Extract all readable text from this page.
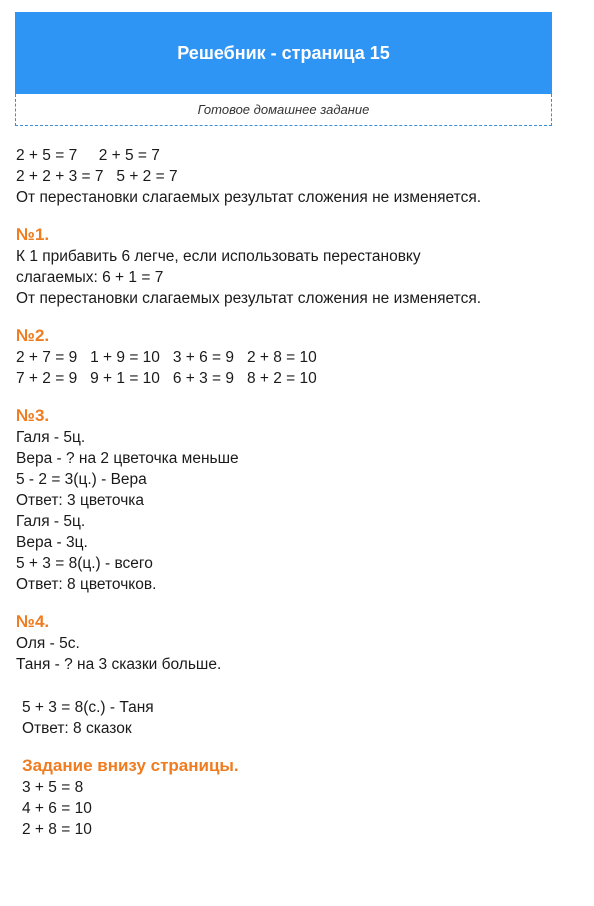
Решебник - страница 15
Готовое домашнее задание
2 + 5 = 7     2 + 5 = 7
2 + 2 + 3 = 7   5 + 2 = 7
От перестановки слагаемых результат сложения не изменяется.
№1.
К 1 прибавить 6 легче, если использовать перестановку
слагаемых: 6 + 1 = 7
От перестановки слагаемых результат сложения не изменяется.
№2.
2 + 7 = 9   1 + 9 = 10   3 + 6 = 9   2 + 8 = 10
7 + 2 = 9   9 + 1 = 10   6 + 3 = 9   8 + 2 = 10
№3.
Галя - 5ц.
Вера - ? на 2 цветочка меньше
5 - 2 = 3(ц.) - Вера
Ответ: 3 цветочка
Галя - 5ц.
Вера - 3ц.
5 + 3 = 8(ц.) - всего
Ответ: 8 цветочков.
№4.
Оля - 5с.
Таня - ? на 3 сказки больше.
5 + 3 = 8(с.) - Таня
Ответ: 8 сказок
Задание внизу страницы.
3 + 5 = 8
4 + 6 = 10
2 + 8 = 10
